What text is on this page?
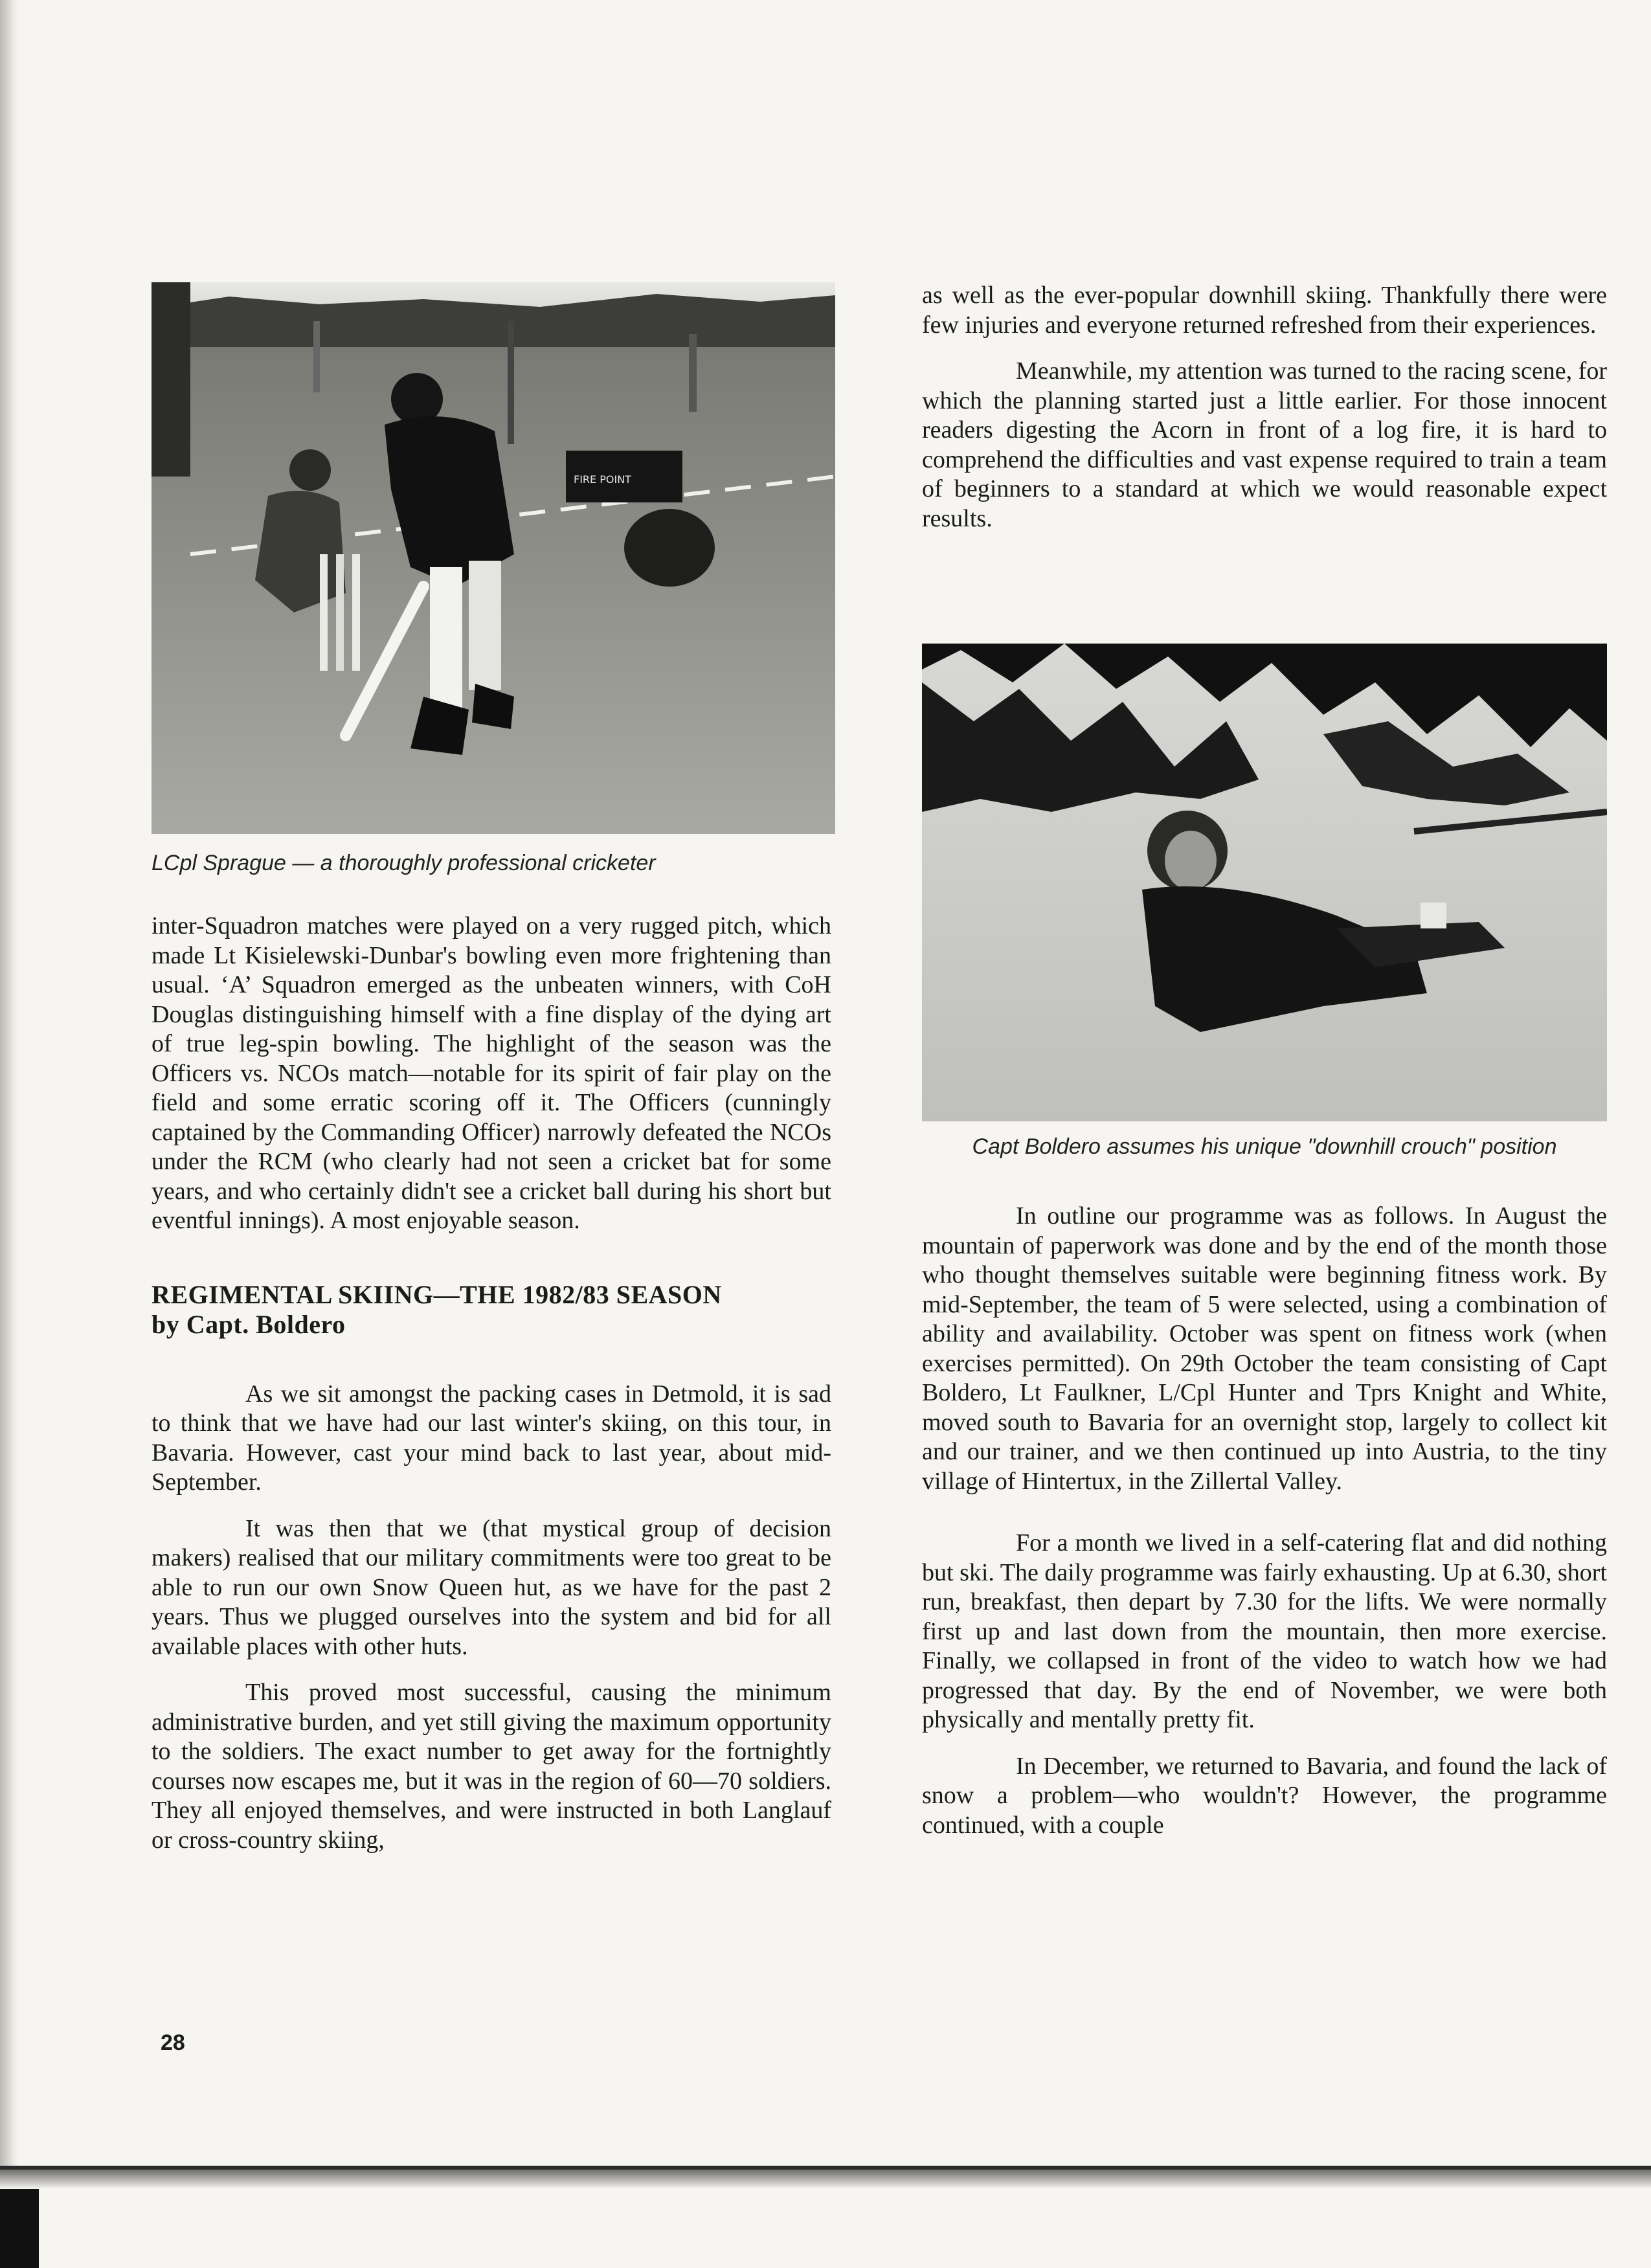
FIRE POINT

LCpl Sprague — a thoroughly professional cricketer

inter-Squadron matches were played on a very rugged pitch, which made Lt Kisielewski-Dunbar's bowling even more frightening than usual. ‘A’ Squadron emerged as the unbeaten winners, with CoH Douglas distinguishing himself with a fine display of the dying art of true leg-spin bowling. The highlight of the season was the Officers vs. NCOs match—notable for its spirit of fair play on the field and some erratic scoring off it. The Officers (cunningly captained by the Commanding Officer) narrowly defeated the NCOs under the RCM (who clearly had not seen a cricket bat for some years, and who certainly didn't see a cricket ball during his short but eventful innings). A most enjoyable season.

REGIMENTAL SKIING—THE 1982/83 SEASON

by Capt. Boldero

As we sit amongst the packing cases in Detmold, it is sad to think that we have had our last winter's skiing, on this tour, in Bavaria. However, cast your mind back to last year, about mid-September.

It was then that we (that mystical group of decision makers) realised that our military commitments were too great to be able to run our own Snow Queen hut, as we have for the past 2 years. Thus we plugged ourselves into the system and bid for all available places with other huts.

This proved most successful, causing the minimum administrative burden, and yet still giving the maximum opportunity to the soldiers. The exact number to get away for the fortnightly courses now escapes me, but it was in the region of 60—70 soldiers. They all enjoyed themselves, and were instructed in both Langlauf or cross-country skiing,

as well as the ever-popular downhill skiing. Thankfully there were few injuries and everyone returned refreshed from their experiences.

Meanwhile, my attention was turned to the racing scene, for which the planning started just a little earlier. For those innocent readers digesting the Acorn in front of a log fire, it is hard to comprehend the difficulties and vast expense required to train a team of beginners to a standard at which we would reasonable expect results.

Capt Boldero assumes his unique "downhill crouch" position

In outline our programme was as follows. In August the mountain of paperwork was done and by the end of the month those who thought themselves suitable were beginning fitness work. By mid-September, the team of 5 were selected, using a combination of ability and availability. October was spent on fitness work (when exercises permitted). On 29th October the team consisting of Capt Boldero, Lt Faulkner, L/Cpl Hunter and Tprs Knight and White, moved south to Bavaria for an overnight stop, largely to collect kit and our trainer, and we then continued up into Austria, to the tiny village of Hintertux, in the Zillertal Valley.

For a month we lived in a self-catering flat and did nothing but ski. The daily programme was fairly exhausting. Up at 6.30, short run, breakfast, then depart by 7.30 for the lifts. We were normally first up and last down from the mountain, then more exercise. Finally, we collapsed in front of the video to watch how we had progressed that day. By the end of November, we were both physically and mentally pretty fit.

In December, we returned to Bavaria, and found the lack of snow a problem—who wouldn't? However, the programme continued, with a couple

28
